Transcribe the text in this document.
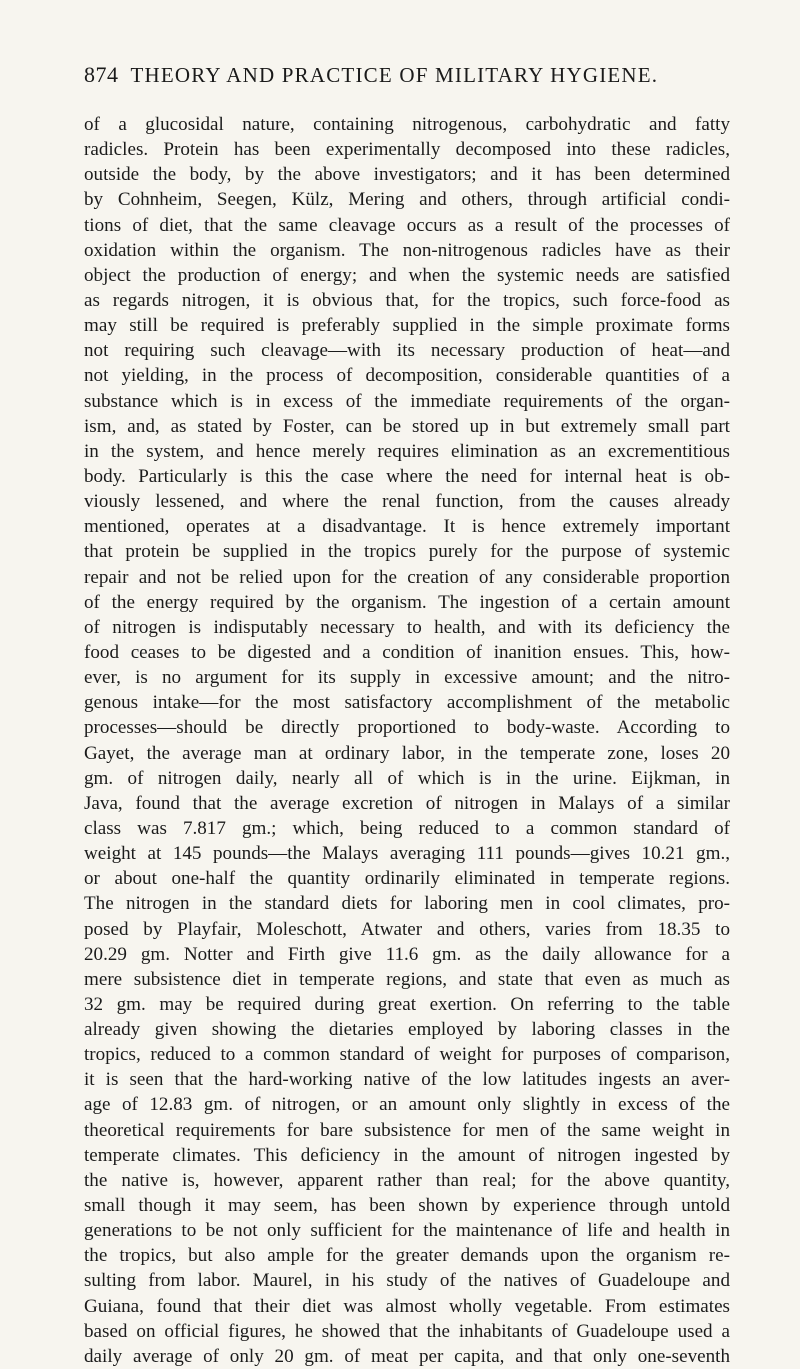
874 THEORY AND PRACTICE OF MILITARY HYGIENE.
of a glucosidal nature, containing nitrogenous, carbohydratic and fatty
radicles. Protein has been experimentally decomposed into these radicles,
outside the body, by the above investigators; and it has been determined
by Cohnheim, Seegen, Külz, Mering and others, through artificial condi-
tions of diet, that the same cleavage occurs as a result of the processes of
oxidation within the organism. The non-nitrogenous radicles have as their
object the production of energy; and when the systemic needs are satisfied
as regards nitrogen, it is obvious that, for the tropics, such force-food as
may still be required is preferably supplied in the simple proximate forms
not requiring such cleavage—with its necessary production of heat—and
not yielding, in the process of decomposition, considerable quantities of a
substance which is in excess of the immediate requirements of the organ-
ism, and, as stated by Foster, can be stored up in but extremely small part
in the system, and hence merely requires elimination as an excrementitious
body. Particularly is this the case where the need for internal heat is ob-
viously lessened, and where the renal function, from the causes already
mentioned, operates at a disadvantage. It is hence extremely important
that protein be supplied in the tropics purely for the purpose of systemic
repair and not be relied upon for the creation of any considerable proportion
of the energy required by the organism. The ingestion of a certain amount
of nitrogen is indisputably necessary to health, and with its deficiency the
food ceases to be digested and a condition of inanition ensues. This, how-
ever, is no argument for its supply in excessive amount; and the nitro-
genous intake—for the most satisfactory accomplishment of the metabolic
processes—should be directly proportioned to body-waste. According to
Gayet, the average man at ordinary labor, in the temperate zone, loses 20
gm. of nitrogen daily, nearly all of which is in the urine. Eijkman, in
Java, found that the average excretion of nitrogen in Malays of a similar
class was 7.817 gm.; which, being reduced to a common standard of
weight at 145 pounds—the Malays averaging 111 pounds—gives 10.21 gm.,
or about one-half the quantity ordinarily eliminated in temperate regions.
The nitrogen in the standard diets for laboring men in cool climates, pro-
posed by Playfair, Moleschott, Atwater and others, varies from 18.35 to
20.29 gm. Notter and Firth give 11.6 gm. as the daily allowance for a
mere subsistence diet in temperate regions, and state that even as much as
32 gm. may be required during great exertion. On referring to the table
already given showing the dietaries employed by laboring classes in the
tropics, reduced to a common standard of weight for purposes of comparison,
it is seen that the hard-working native of the low latitudes ingests an aver-
age of 12.83 gm. of nitrogen, or an amount only slightly in excess of the
theoretical requirements for bare subsistence for men of the same weight in
temperate climates. This deficiency in the amount of nitrogen ingested by
the native is, however, apparent rather than real; for the above quantity,
small though it may seem, has been shown by experience through untold
generations to be not only sufficient for the maintenance of life and health in
the tropics, but also ample for the greater demands upon the organism re-
sulting from labor. Maurel, in his study of the natives of Guadeloupe and
Guiana, found that their diet was almost wholly vegetable. From estimates
based on official figures, he showed that the inhabitants of Guadeloupe used a
daily average of only 20 gm. of meat per capita, and that only one-seventh
